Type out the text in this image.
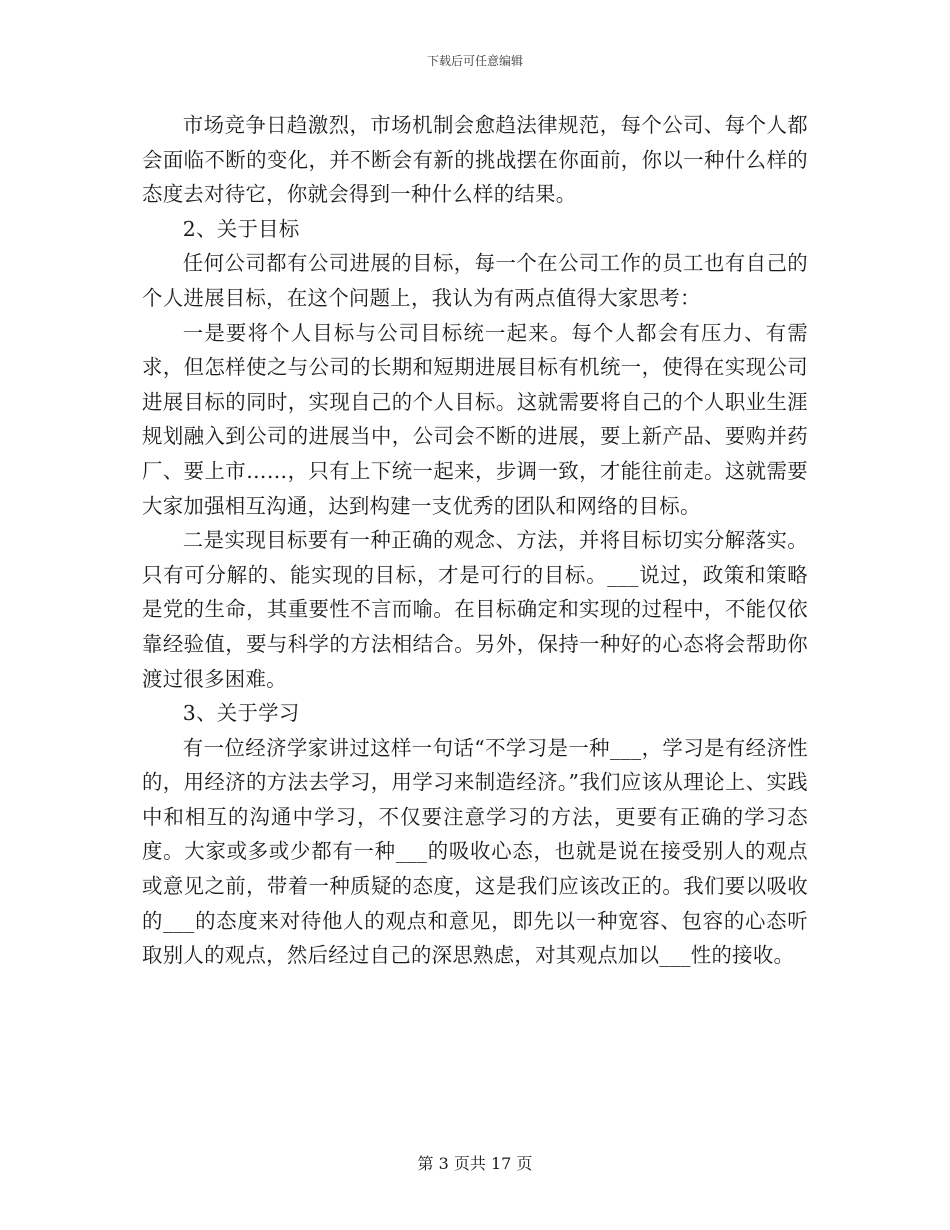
下载后可任意编辑

市场竞争日趋激烈，市场机制会愈趋法律规范，每个公司、每个人都会面临不断的变化，并不断会有新的挑战摆在你面前，你以一种什么样的态度去对待它，你就会得到一种什么样的结果。

2、关于目标

任何公司都有公司进展的目标，每一个在公司工作的员工也有自己的个人进展目标，在这个问题上，我认为有两点值得大家思考：

一是要将个人目标与公司目标统一起来。每个人都会有压力、有需求，但怎样使之与公司的长期和短期进展目标有机统一，使得在实现公司进展目标的同时，实现自己的个人目标。这就需要将自己的个人职业生涯规划融入到公司的进展当中，公司会不断的进展，要上新产品、要购并药厂、要上市……，只有上下统一起来，步调一致，才能往前走。这就需要大家加强相互沟通，达到构建一支优秀的团队和网络的目标。

二是实现目标要有一种正确的观念、方法，并将目标切实分解落实。只有可分解的、能实现的目标，才是可行的目标。___说过，政策和策略是党的生命，其重要性不言而喻。在目标确定和实现的过程中，不能仅依靠经验值，要与科学的方法相结合。另外，保持一种好的心态将会帮助你渡过很多困难。

3、关于学习

有一位经济学家讲过这样一句话“不学习是一种___，学习是有经济性的，用经济的方法去学习，用学习来制造经济。”我们应该从理论上、实践中和相互的沟通中学习，不仅要注意学习的方法，更要有正确的学习态度。大家或多或少都有一种___的吸收心态，也就是说在接受别人的观点或意见之前，带着一种质疑的态度，这是我们应该改正的。我们要以吸收的___的态度来对待他人的观点和意见，即先以一种宽容、包容的心态听取别人的观点，然后经过自己的深思熟虑，对其观点加以___性的接收。

第 3 页共 17 页
